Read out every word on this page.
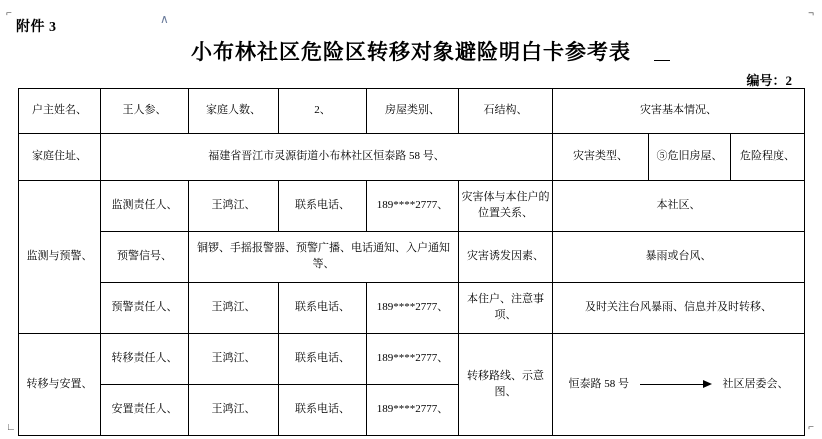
⌐	¬
∟	⌐
∧
附件 3
小布林社区危险区转移对象避险明白卡参考表
编号：2
户主姓名、	王人参、	家庭人数、	2、	房屋类别、	石结构、	灾害基本情况、		
家庭住址、	福建省晋江市灵源街道小布林社区恒泰路 58 号、					灾害类型、	⑤危旧房屋、	危险程度、
监测与预警、	监测责任人、	王鸿江、	联系电话、	189****2777、	灾害体与本住户的位置关系、	本社区、		
	预警信号、	铜锣、手摇报警器、预警广播、电话通知、入户通知等、			灾害诱发因素、	暴雨或台风、		
	预警责任人、	王鸿江、	联系电话、	189****2777、	本住户、注意事项、	及时关注台风暴雨、信息并及时转移、		
转移与安置、	转移责任人、	王鸿江、	联系电话、	189****2777、	转移路线、示意图、	恒泰路 58 号 社区居委会、		
	安置责任人、	王鸿江、	联系电话、	189****2777、				
